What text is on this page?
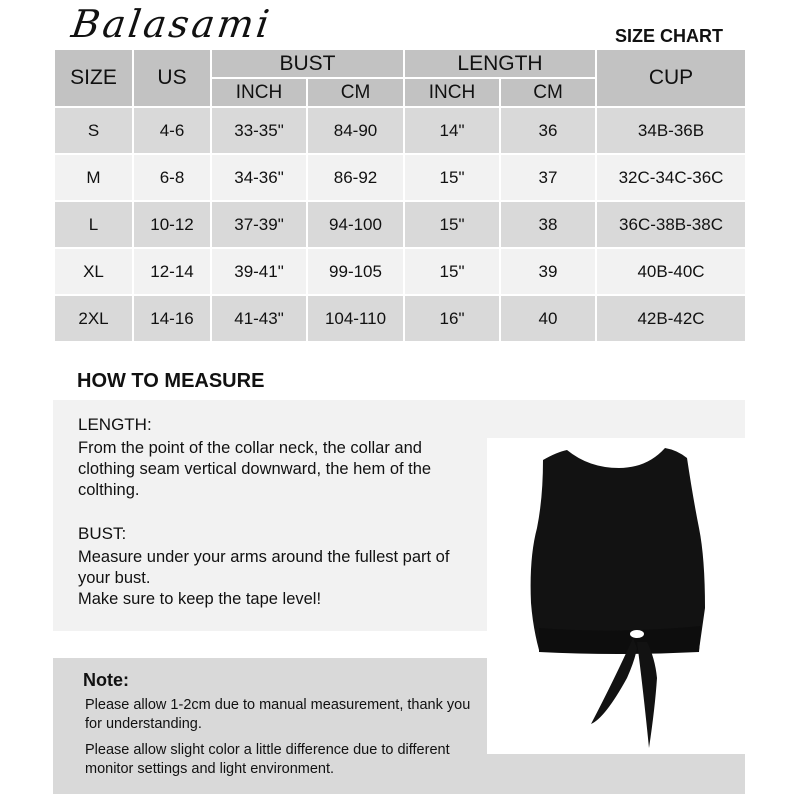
Balasami	SIZE CHART
SIZE	US	BUST		LENGTH		CUP
		INCH	CM	INCH	CM	
S	4-6	33-35"	84-90	14"	36	34B-36B
M	6-8	34-36"	86-92	15"	37	32C-34C-36C
L	10-12	37-39"	94-100	15"	38	36C-38B-38C
XL	12-14	39-41"	99-105	15"	39	40B-40C
2XL	14-16	41-43"	104-110	16"	40	42B-42C
HOW TO MEASURE
LENGTH:
From the point of the collar neck, the collar and clothing seam vertical downward, the hem of the colthing.
BUST:
Measure under your arms around the fullest part of your bust.
Make sure to keep the tape level!
Note:
Please allow 1-2cm due to manual measurement, thank you for understanding.
Please allow slight color a little difference due to different monitor settings and light environment.
